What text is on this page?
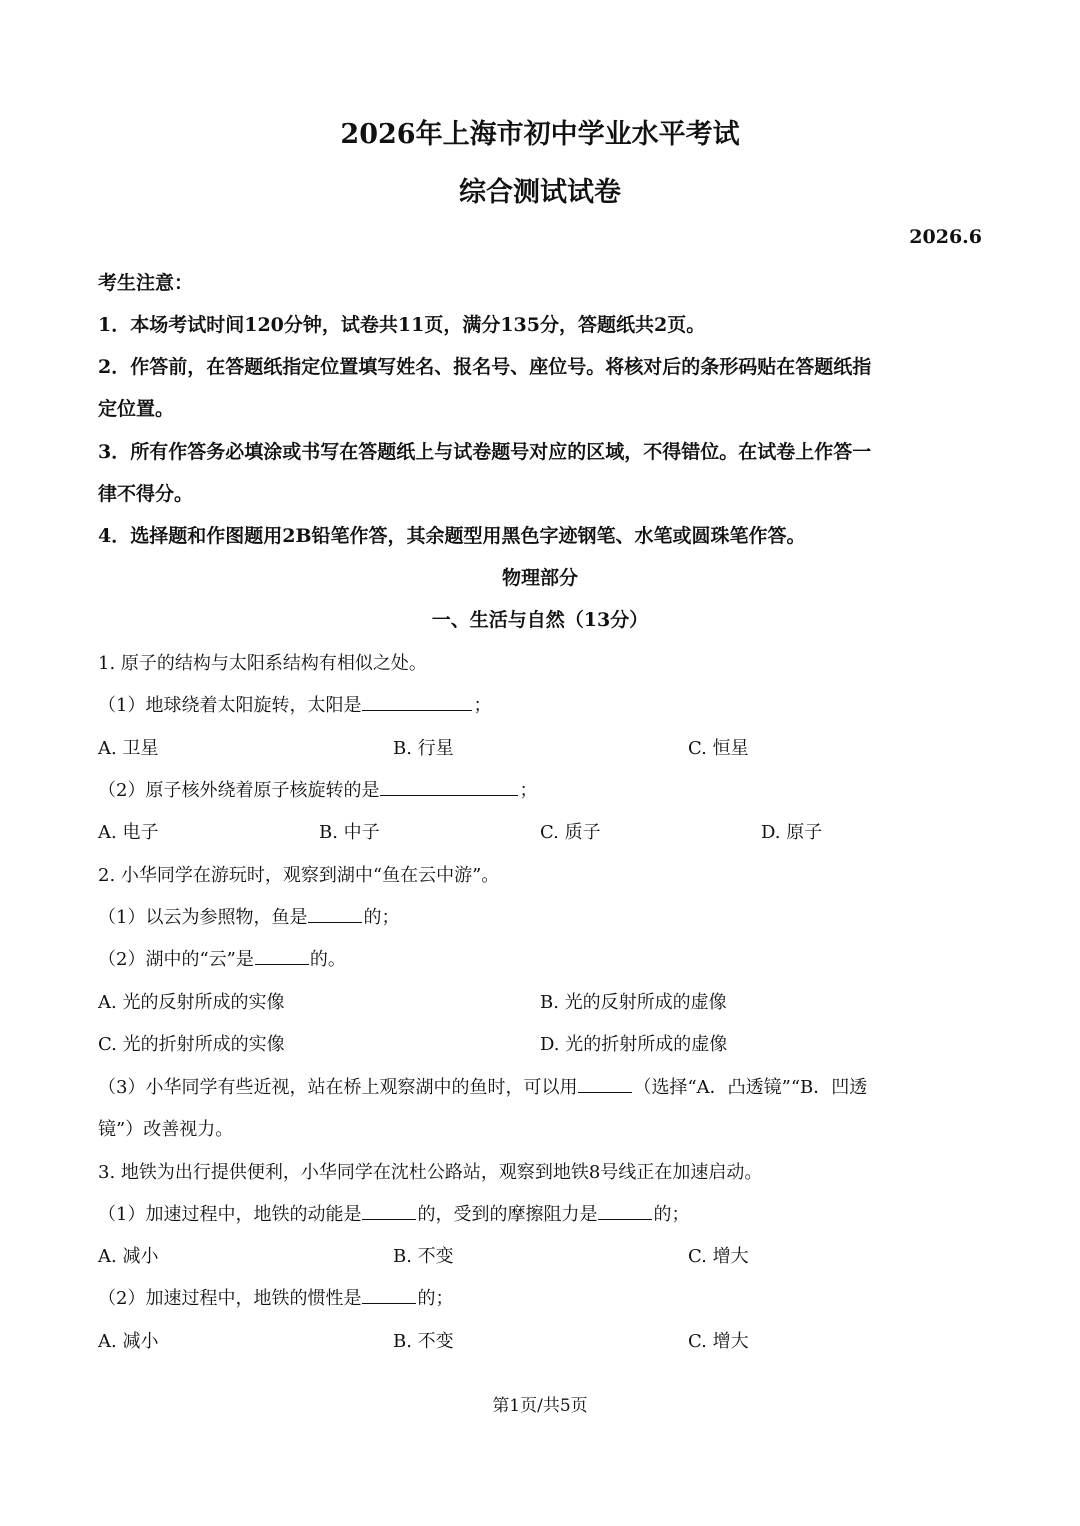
2026年上海市初中学业水平考试
综合测试试卷
2026.6
考生注意：
1．本场考试时间120分钟，试卷共11页，满分135分，答题纸共2页。
2．作答前，在答题纸指定位置填写姓名、报名号、座位号。将核对后的条形码贴在答题纸指
定位置。
3．所有作答务必填涂或书写在答题纸上与试卷题号对应的区域，不得错位。在试卷上作答一
律不得分。
4．选择题和作图题用2B铅笔作答，其余题型用黑色字迹钢笔、水笔或圆珠笔作答。
物理部分
一、生活与自然（13分）
1. 原子的结构与太阳系结构有相似之处。
（1）地球绕着太阳旋转，太阳是	；
A. 卫星	B. 行星	C. 恒星
（2）原子核外绕着原子核旋转的是	；
A. 电子	B. 中子	C. 质子	D. 原子
2. 小华同学在游玩时，观察到湖中“鱼在云中游”。
（1）以云为参照物，鱼是	的；
（2）湖中的“云”是	的。
A. 光的反射所成的实像	B. 光的反射所成的虚像
C. 光的折射所成的实像	D. 光的折射所成的虚像
（3）小华同学有些近视，站在桥上观察湖中的鱼时，可以用	（选择“A．凸透镜”“B．凹透
镜”）改善视力。
3. 地铁为出行提供便利，小华同学在沈杜公路站，观察到地铁8号线正在加速启动。
（1）加速过程中，地铁的动能是	的，受到的摩擦阻力是	的；
A. 减小	B. 不变	C. 增大
（2）加速过程中，地铁的惯性是	的；
A. 减小	B. 不变	C. 增大
第1页/共5页
